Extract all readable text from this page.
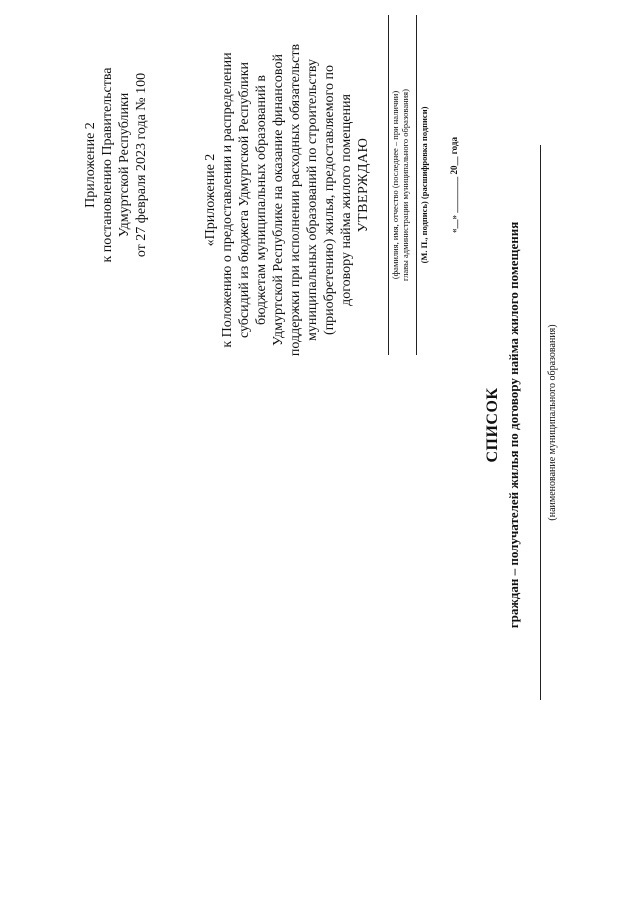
Приложение 2 к постановлению Правительства Удмуртской Республики от 27 февраля 2023 года № 100	«Приложение 2 к Положению о предоставлении и распределении субсидий из бюджета Удмуртской Республики бюджетам муниципальных образований в Удмуртской Республике на оказание финансовой поддержки при исполнении расходных обязательств муниципальных образований по строительству (приобретению) жилья, предоставляемого по договору найма жилого помещения УТВЕРЖДАЮ (фамилия, имя, отчество (последнее – при наличии) главы администрации муниципального образования) (М. П., подпись) (расшифровка подписи) «__» ________ 20__ года
СПИСОК граждан – получателей жилья по договору найма жилого помещения	(наименование муниципального образования)
